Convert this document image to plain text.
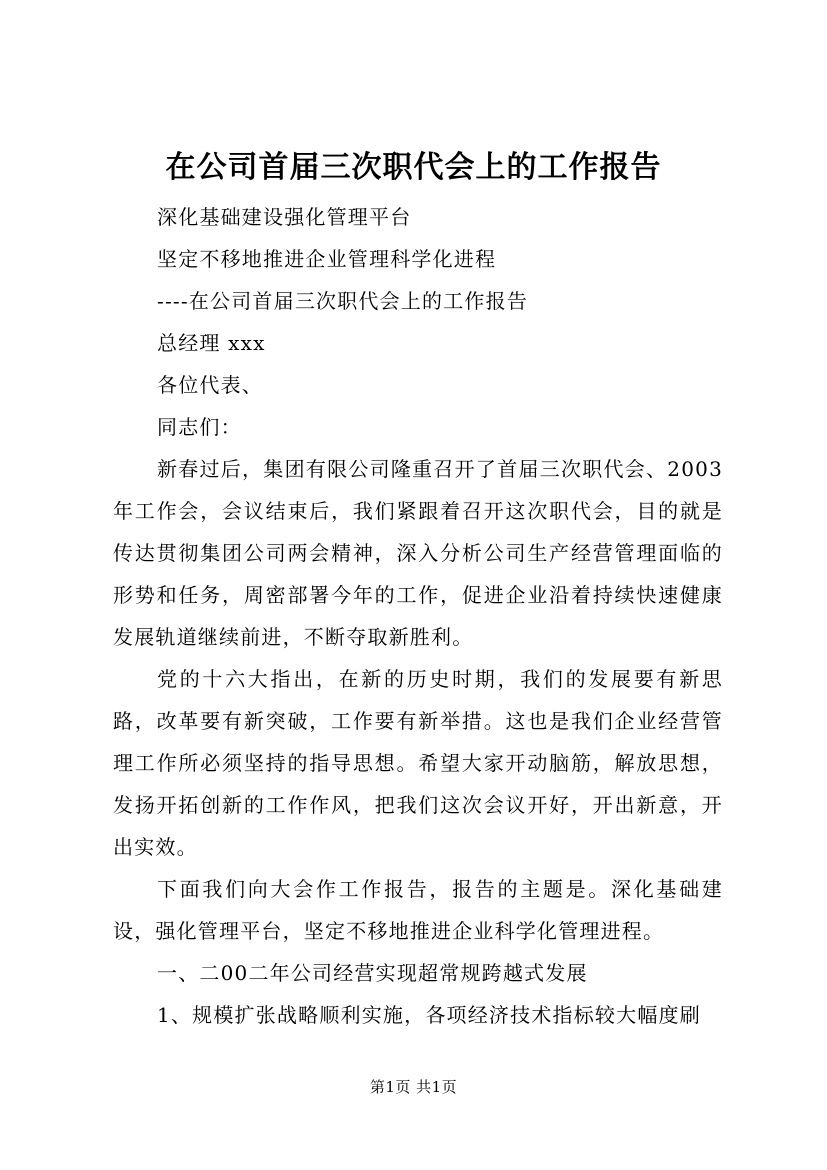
在公司首届三次职代会上的工作报告

深化基础建设强化管理平台

坚定不移地推进企业管理科学化进程

----在公司首届三次职代会上的工作报告

总经理 xxx

各位代表、

同志们：

新春过后，集团有限公司隆重召开了首届三次职代会、2003年工作会，会议结束后，我们紧跟着召开这次职代会，目的就是传达贯彻集团公司两会精神，深入分析公司生产经营管理面临的形势和任务，周密部署今年的工作，促进企业沿着持续快速健康发展轨道继续前进，不断夺取新胜利。

党的十六大指出，在新的历史时期，我们的发展要有新思路，改革要有新突破，工作要有新举措。这也是我们企业经营管理工作所必须坚持的指导思想。希望大家开动脑筋，解放思想，发扬开拓创新的工作作风，把我们这次会议开好，开出新意，开出实效。

下面我们向大会作工作报告，报告的主题是。深化基础建设，强化管理平台，坚定不移地推进企业科学化管理进程。

一、二00二年公司经营实现超常规跨越式发展

1、规模扩张战略顺利实施，各项经济技术指标较大幅度刷

第1页 共1页
